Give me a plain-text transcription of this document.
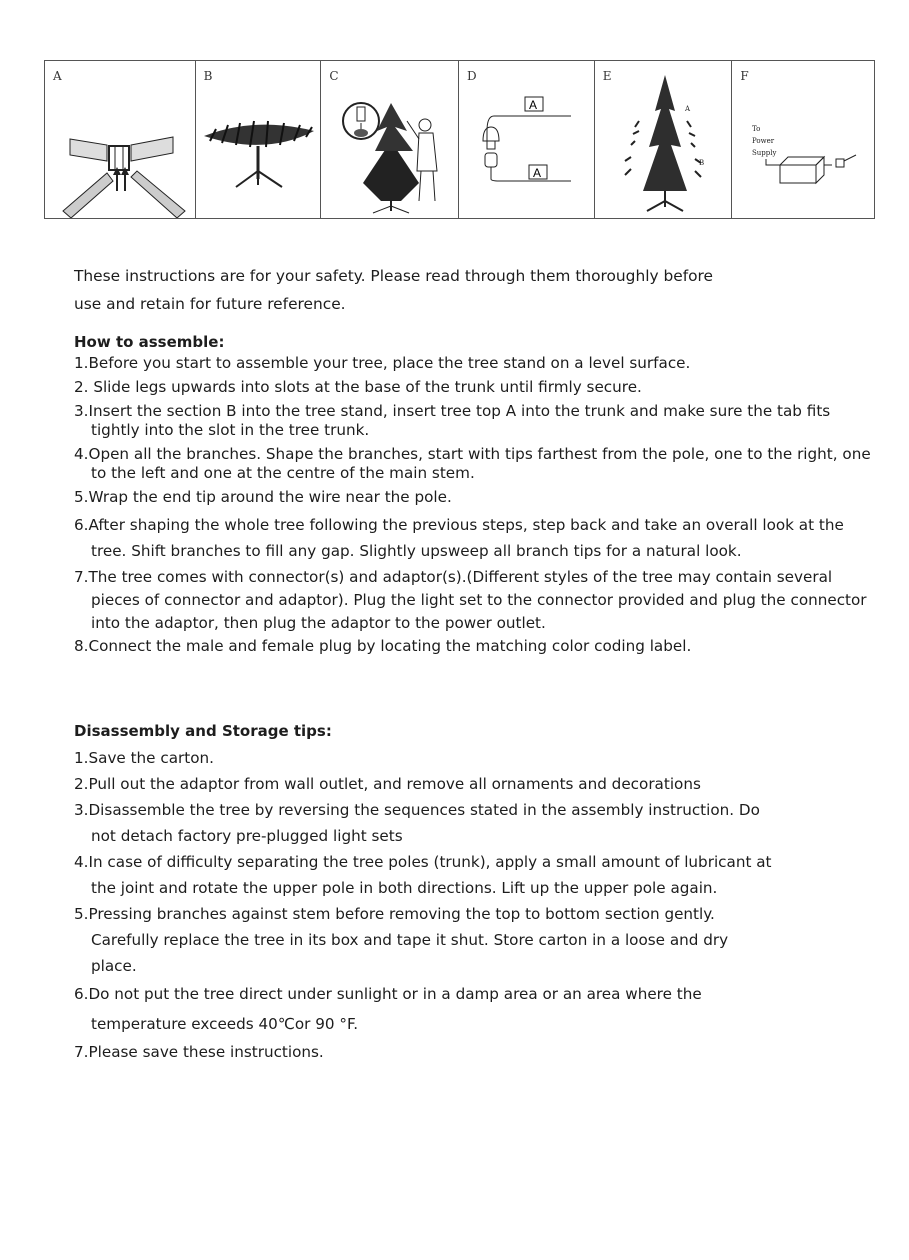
A	B	C	D
A
A
E
A
B
F
To
Power
Supply

These instructions are for your safety. Please read through them thoroughly before

use and retain for future reference.

How to assemble:
1.Before you start to assemble your tree, place the tree stand on a level surface.
2. Slide legs upwards into slots at the base of the trunk until firmly secure.
3.Insert the section B into the tree stand, insert tree top A into the trunk and make sure the tab fits tightly into the slot in the tree trunk.
4.Open all the branches. Shape the branches, start with tips farthest from the pole, one to the right, one to the left and one at the centre of the main stem.
5.Wrap the end tip around the wire near the pole.
6.After shaping the whole tree following the previous steps, step back and take an overall look at the tree. Shift branches to fill any gap. Slightly upsweep all branch tips for a natural look.
7.The tree comes with connector(s) and adaptor(s).(Different styles of the tree may contain several pieces of connector and adaptor). Plug the light set to the connector provided and plug the connector into the adaptor, then plug the adaptor to the power outlet.
8.Connect the male and female plug by locating the matching color coding label.
Disassembly and Storage tips:
1.Save the carton.
2.Pull out the adaptor from wall outlet, and remove all ornaments and decorations
3.Disassemble the tree by reversing the sequences stated in the assembly instruction. Do not detach factory pre-plugged light sets
4.In case of difficulty separating the tree poles (trunk), apply a small amount of lubricant at the joint and rotate the upper pole in both directions. Lift up the upper pole again.
5.Pressing branches against stem before removing the top to bottom section gently. Carefully replace the tree in its box and tape it shut. Store carton in a loose and dry place.
6.Do not put the tree direct under sunlight or in a damp area or an area where the temperature exceeds 40℃or 90 °F.
7.Please save these instructions.
